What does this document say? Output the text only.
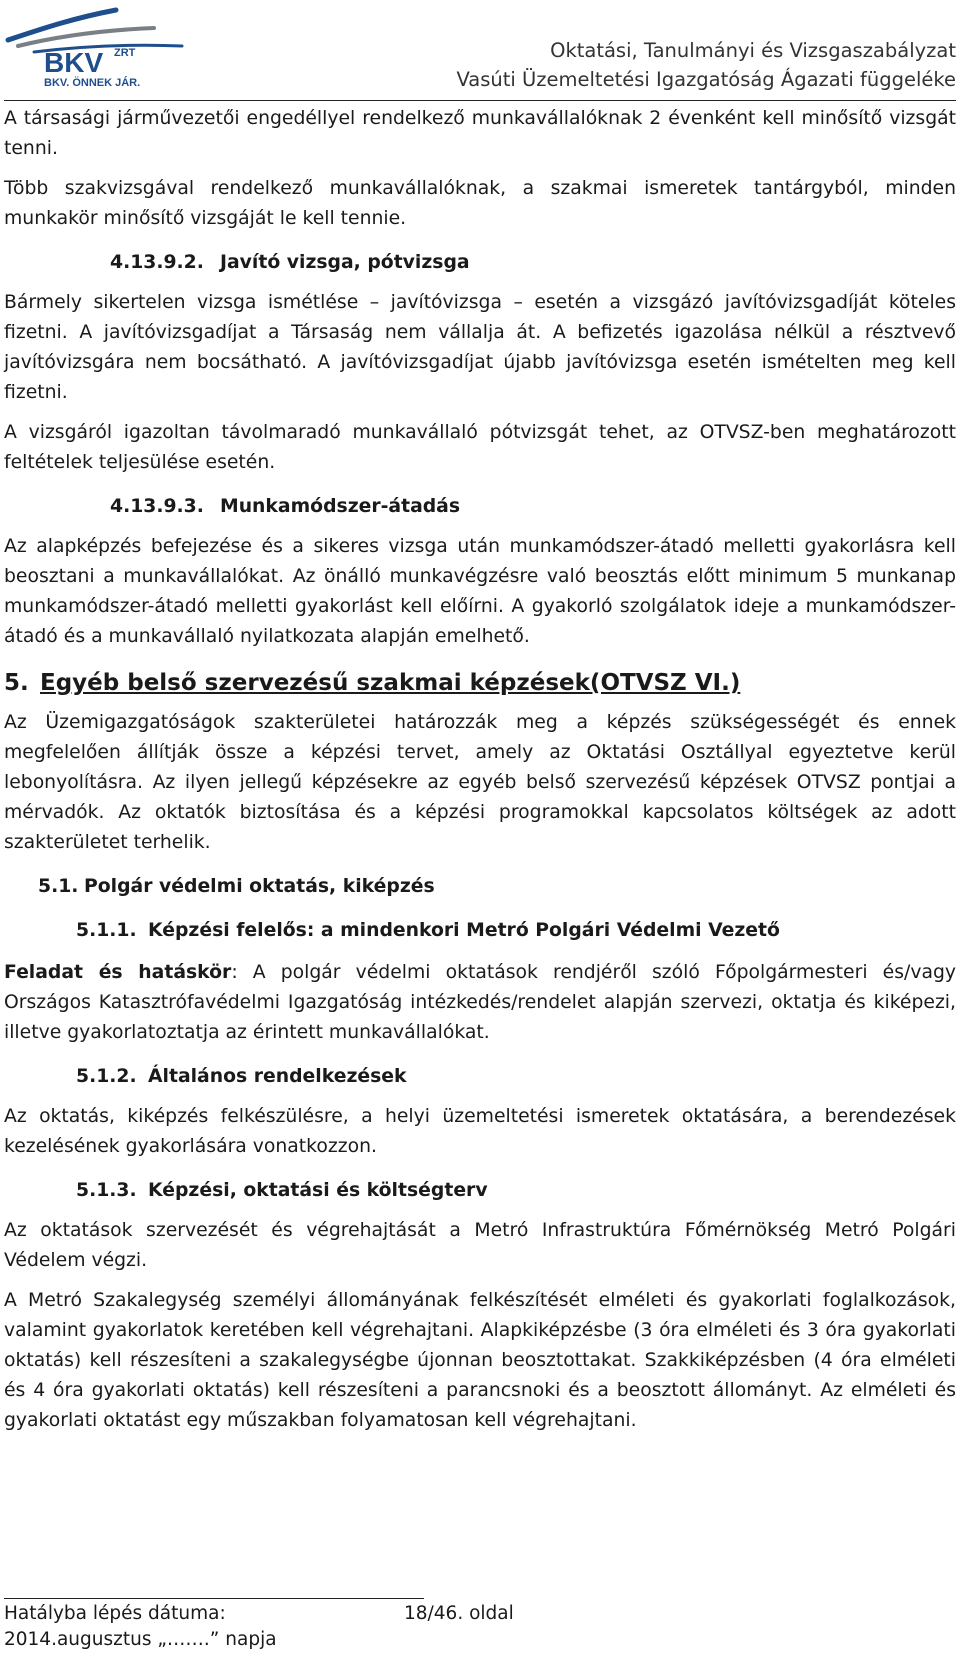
BKV ZRT
BKV. ÖNNEK JÁR.
Oktatási, Tanulmányi és Vizsgaszabályzat
Vasúti Üzemeltetési Igazgatóság Ágazati függeléke

A társasági járművezetői engedéllyel rendelkező munkavállalóknak 2 évenként kell minősítő vizsgát tenni.

Több szakvizsgával rendelkező munkavállalóknak, a szakmai ismeretek tantárgyból, minden munkakör minősítő vizsgáját le kell tennie.

4.13.9.2. Javító vizsga, pótvizsga

Bármely sikertelen vizsga ismétlése – javítóvizsga – esetén a vizsgázó javítóvizsgadíját köteles fizetni. A javítóvizsgadíjat a Társaság nem vállalja át. A befizetés igazolása nélkül a résztvevő javítóvizsgára nem bocsátható. A javítóvizsgadíjat újabb javítóvizsga esetén ismételten meg kell fizetni.

A vizsgáról igazoltan távolmaradó munkavállaló pótvizsgát tehet, az OTVSZ-ben meghatározott feltételek teljesülése esetén.

4.13.9.3. Munkamódszer-átadás

Az alapképzés befejezése és a sikeres vizsga után munkamódszer-átadó melletti gyakorlásra kell beosztani a munkavállalókat. Az önálló munkavégzésre való beosztás előtt minimum 5 munkanap munkamódszer-átadó melletti gyakorlást kell előírni. A gyakorló szolgálatok ideje a munkamódszer-átadó és a munkavállaló nyilatkozata alapján emelhető.

5. Egyéb belső szervezésű szakmai képzések(OTVSZ VI.)

Az Üzemigazgatóságok szakterületei határozzák meg a képzés szükségességét és ennek megfelelően állítják össze a képzési tervet, amely az Oktatási Osztállyal egyeztetve kerül lebonyolításra. Az ilyen jellegű képzésekre az egyéb belső szervezésű képzések OTVSZ pontjai a mérvadók. Az oktatók biztosítása és a képzési programokkal kapcsolatos költségek az adott szakterületet terhelik.

5.1. Polgár védelmi oktatás, kiképzés
5.1.1. Képzési felelős: a mindenkori Metró Polgári Védelmi Vezető

Feladat és hatáskör: A polgár védelmi oktatások rendjéről szóló Főpolgármesteri és/vagy Országos Katasztrófavédelmi Igazgatóság intézkedés/rendelet alapján szervezi, oktatja és kiképezi, illetve gyakorlatoztatja az érintett munkavállalókat.

5.1.2. Általános rendelkezések

Az oktatás, kiképzés felkészülésre, a helyi üzemeltetési ismeretek oktatására, a berendezések kezelésének gyakorlására vonatkozzon.

5.1.3. Képzési, oktatási és költségterv

Az oktatások szervezését és végrehajtását a Metró Infrastruktúra Főmérnökség Metró Polgári Védelem végzi.

A Metró Szakalegység személyi állományának felkészítését elméleti és gyakorlati foglalkozások, valamint gyakorlatok keretében kell végrehajtani. Alapkiképzésbe (3 óra elméleti és 3 óra gyakorlati oktatás) kell részesíteni a szakalegységbe újonnan beosztottakat. Szakkiképzésben (4 óra elméleti és 4 óra gyakorlati oktatás) kell részesíteni a parancsnoki és a beosztott állományt. Az elméleti és gyakorlati oktatást egy műszakban folyamatosan kell végrehajtani.

Hatályba lépés dátuma:	18/46. oldal
2014.augusztus „…….” napja
